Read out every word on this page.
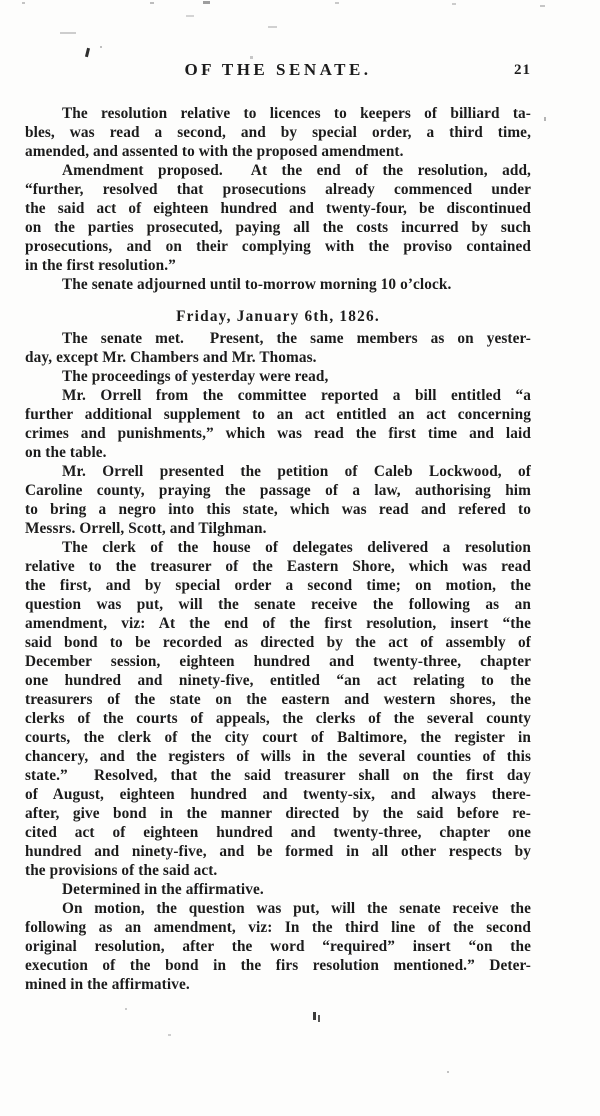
OF THE SENATE.	21
The resolution relative to licences to keepers of billiard ta-
bles, was read a second, and by special order, a third time,
amended, and assented to with the proposed amendment.
Amendment proposed.  At the end of the resolution, add,
“further, resolved that prosecutions already commenced under
the said act of eighteen hundred and twenty-four, be discontinued
on the parties prosecuted, paying all the costs incurred by such
prosecutions, and on their complying with the proviso contained
in the first resolution.”
The senate adjourned until to-morrow morning 10 o’clock.
Friday, January 6th, 1826.
The senate met.  Present, the same members as on yester-
day, except Mr. Chambers and Mr. Thomas.
The proceedings of yesterday were read,
Mr. Orrell from the committee reported a bill entitled “a
further additional supplement to an act entitled an act concerning
crimes and punishments,” which was read the first time and laid
on the table.
Mr. Orrell presented the petition of Caleb Lockwood, of
Caroline county, praying the passage of a law, authorising him
to bring a negro into this state, which was read and refered to
Messrs. Orrell, Scott, and Tilghman.
The clerk of the house of delegates delivered a resolution
relative to the treasurer of the Eastern Shore, which was read
the first, and by special order a second time; on motion, the
question was put, will the senate receive the following as an
amendment, viz: At the end of the first resolution, insert “the
said bond to be recorded as directed by the act of assembly of
December session, eighteen hundred and twenty-three, chapter
one hundred and ninety-five, entitled “an act relating to the
treasurers of the state on the eastern and western shores, the
clerks of the courts of appeals, the clerks of the several county
courts, the clerk of the city court of Baltimore, the register in
chancery, and the registers of wills in the several counties of this
state.”  Resolved, that the said treasurer shall on the first day
of August, eighteen hundred and twenty-six, and always there-
after, give bond in the manner directed by the said before re-
cited act of eighteen hundred and twenty-three, chapter one
hundred and ninety-five, and be formed in all other respects by
the provisions of the said act.
Determined in the affirmative.
On motion, the question was put, will the senate receive the
following as an amendment, viz: In the third line of the second
original resolution, after the word “required” insert “on the
execution of the bond in the firs resolution mentioned.” Deter-
mined in the affirmative.
